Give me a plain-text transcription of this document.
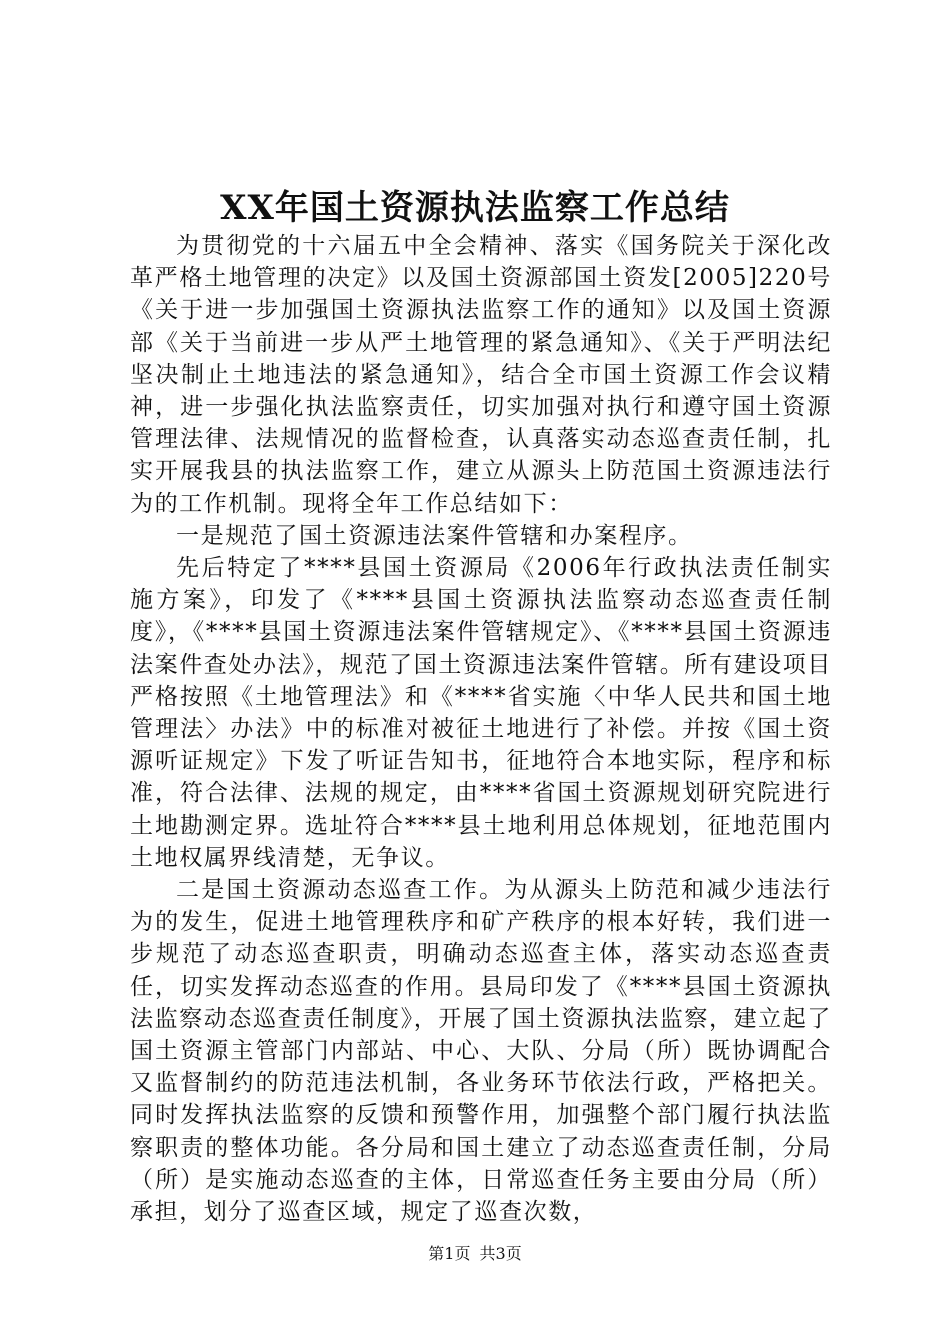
XX年国土资源执法监察工作总结

为贯彻党的十六届五中全会精神、落实《国务院关于深化改革严格土地管理的决定》以及国土资源部国土资发[2005]220号《关于进一步加强国土资源执法监察工作的通知》以及国土资源部《关于当前进一步从严土地管理的紧急通知》、《关于严明法纪坚决制止土地违法的紧急通知》，结合全市国土资源工作会议精神，进一步强化执法监察责任，切实加强对执行和遵守国土资源管理法律、法规情况的监督检查，认真落实动态巡查责任制，扎实开展我县的执法监察工作，建立从源头上防范国土资源违法行为的工作机制。现将全年工作总结如下：

一是规范了国土资源违法案件管辖和办案程序。

先后特定了****县国土资源局《2006年行政执法责任制实施方案》，印发了《****县国土资源执法监察动态巡查责任制度》，《****县国土资源违法案件管辖规定》、《****县国土资源违法案件查处办法》，规范了国土资源违法案件管辖。所有建设项目严格按照《土地管理法》和《****省实施〈中华人民共和国土地管理法〉办法》中的标准对被征土地进行了补偿。并按《国土资源听证规定》下发了听证告知书，征地符合本地实际，程序和标准，符合法律、法规的规定，由****省国土资源规划研究院进行土地勘测定界。选址符合****县土地利用总体规划，征地范围内土地权属界线清楚，无争议。

二是国土资源动态巡查工作。为从源头上防范和减少违法行为的发生，促进土地管理秩序和矿产秩序的根本好转，我们进一步规范了动态巡查职责，明确动态巡查主体，落实动态巡查责任，切实发挥动态巡查的作用。县局印发了《****县国土资源执法监察动态巡查责任制度》，开展了国土资源执法监察，建立起了国土资源主管部门内部站、中心、大队、分局（所）既协调配合又监督制约的防范违法机制，各业务环节依法行政，严格把关。同时发挥执法监察的反馈和预警作用，加强整个部门履行执法监察职责的整体功能。各分局和国土建立了动态巡查责任制，分局（所）是实施动态巡查的主体，日常巡查任务主要由分局（所）承担，划分了巡查区域，规定了巡查次数，

第1页 共3页
